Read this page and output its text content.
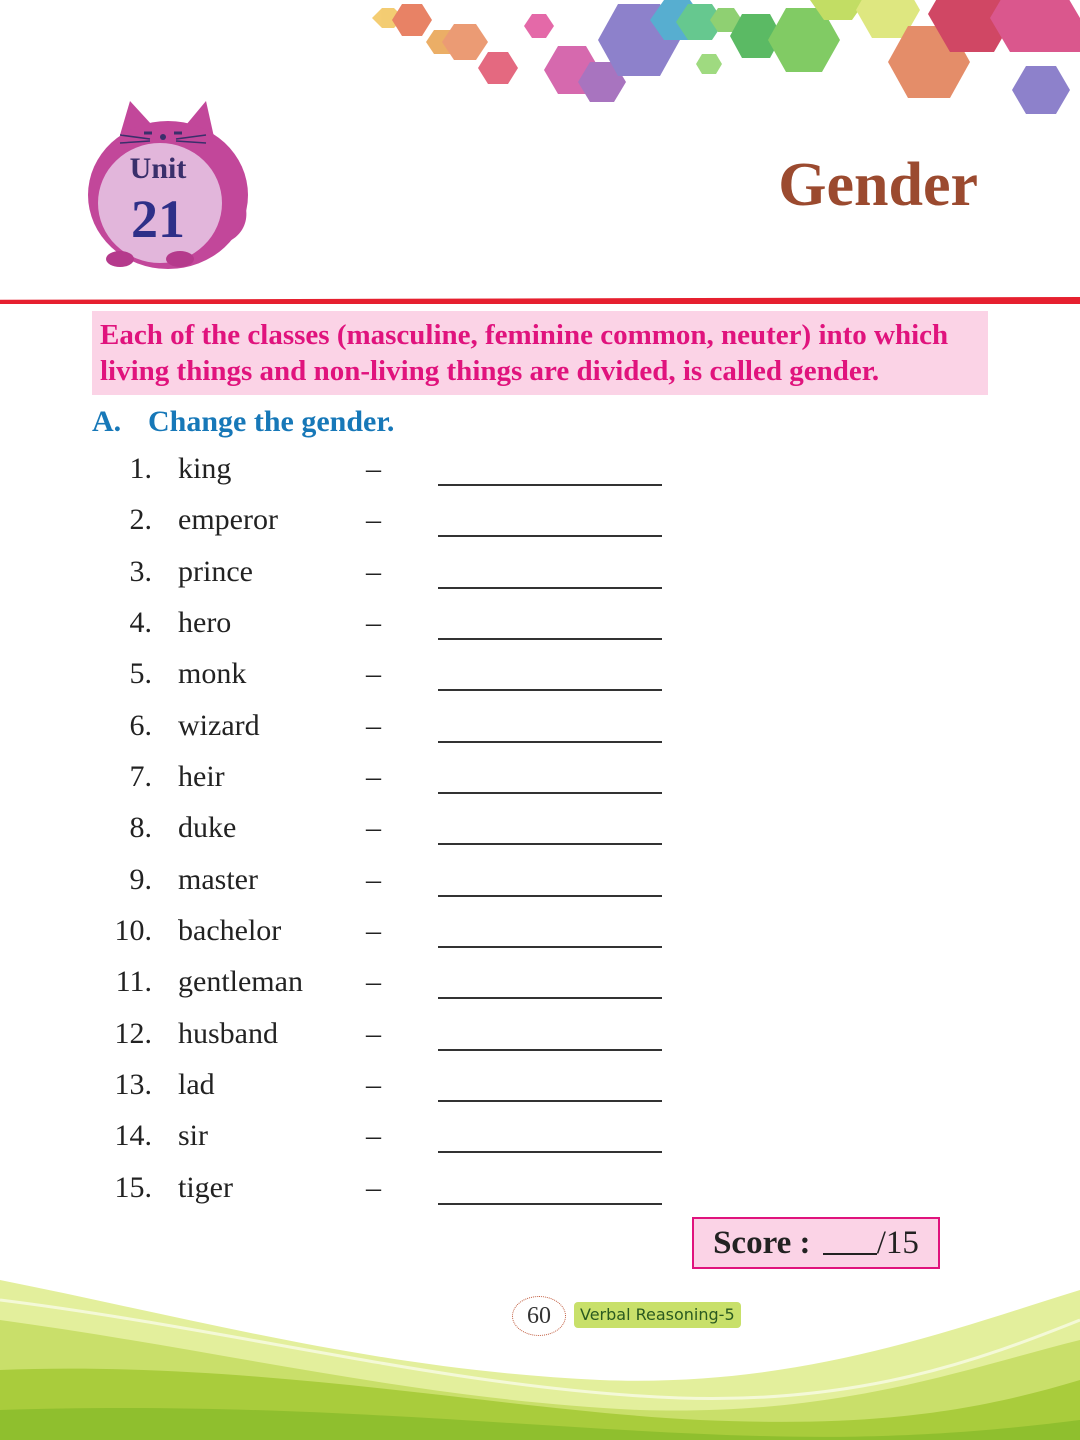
Unit
21	Gender
Each of the classes (masculine, feminine common, neuter) into which living things and non-living things are divided, is called gender.
A. Change the gender.
1. king	–
2. emperor	–
3. prince	–
4. hero	–
5. monk	–
6. wizard	–
7. heir	–
8. duke	–
9. master	–
10. bachelor	–
11. gentleman –
12. husband	–
13. lad	–
14. sir	–
15. tiger	–
Score : /15
60	Verbal Reasoning-5
